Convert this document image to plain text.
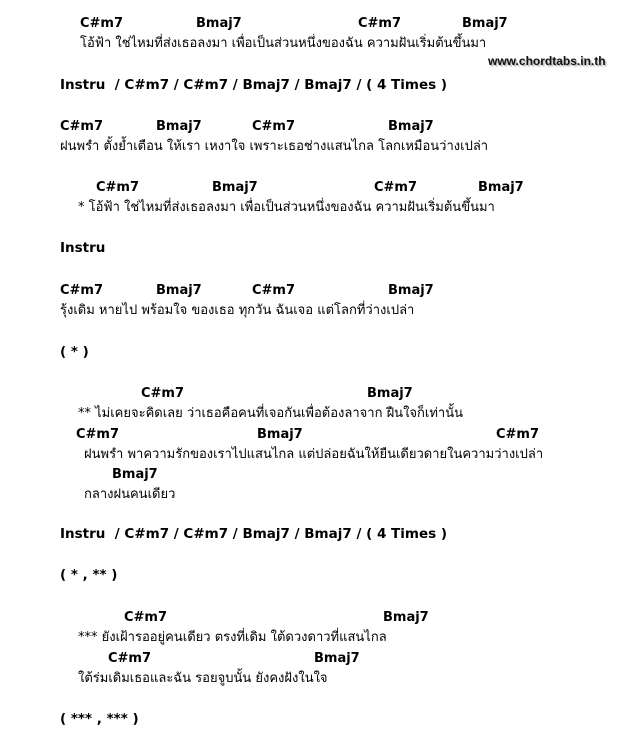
www.chordtabs.in.th
C#m7	Bmaj7	C#m7	Bmaj7
โอ้ฟ้า ใช่ไหมที่ส่งเธอลงมา เพื่อเป็นส่วนหนึ่งของฉัน ความฝันเริ่มต้นขึ้นมา
Instru  / C#m7 / C#m7 / Bmaj7 / Bmaj7 / ( 4 Times )
C#m7	Bmaj7	C#m7	Bmaj7
ฝนพรำ ตั้งย้ำเตือน ให้เรา เหงาใจ เพราะเธอช่างแสนไกล โลกเหมือนว่างเปล่า
C#m7	Bmaj7	C#m7	Bmaj7
* โอ้ฟ้า ใช่ไหมที่ส่งเธอลงมา เพื่อเป็นส่วนหนึ่งของฉัน ความฝันเริ่มต้นขึ้นมา
Instru
C#m7	Bmaj7	C#m7	Bmaj7
รุ้งเดิม หายไป พร้อมใจ ของเธอ ทุกวัน ฉันเจอ แต่โลกที่ว่างเปล่า
( * )
C#m7	Bmaj7
** ไม่เคยจะคิดเลย ว่าเธอคือคนที่เจอกันเพื่อต้องลาจาก ฝืนใจก็เท่านั้น
C#m7	Bmaj7	C#m7
ฝนพรำ พาความรักของเราไปแสนไกล แต่ปล่อยฉันให้ยืนเดียวดายในความว่างเปล่า
Bmaj7
กลางฝนคนเดียว
Instru  / C#m7 / C#m7 / Bmaj7 / Bmaj7 / ( 4 Times )
( * , ** )
C#m7	Bmaj7
*** ยังเฝ้ารออยู่คนเดียว ตรงที่เดิม ใต้ดวงดาวที่แสนไกล
C#m7	Bmaj7
ใต้ร่มเดิมเธอและฉัน รอยจูบนั้น ยังคงฝังในใจ
( *** , *** )
